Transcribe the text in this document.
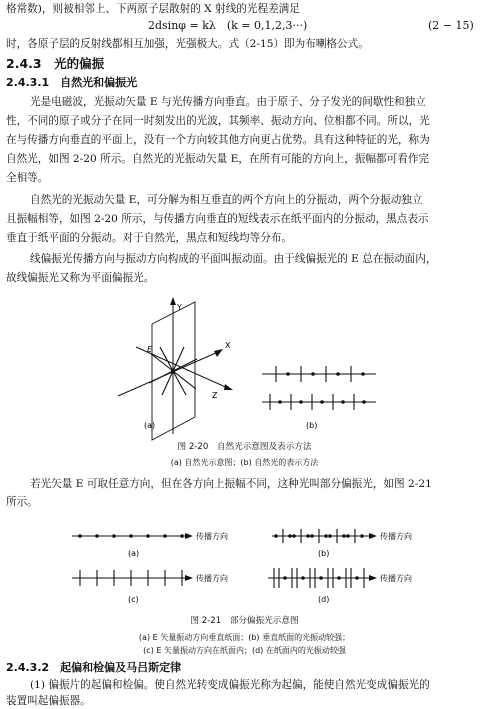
格常数)，则被相邻上、下两原子层散射的 X 射线的光程差满足
2dsinφ = kλ　(k = 0,1,2,3···)	(2 − 15)
时，各原子层的反射线都相互加强，光强极大。式（2-15）即为布喇格公式。
2.4.3　光的偏振
2.4.3.1　自然光和偏振光
光是电磁波，光振动矢量 E 与光传播方向垂直。由于原子、分子发光的间歇性和独立
性，不同的原子或分子在同一时刻发出的光波，其频率、振动方向、位相都不同。所以，光
在与传播方向垂直的平面上，没有一个方向较其他方向更占优势。具有这种特征的光，称为
自然光，如图 2-20 所示。自然光的光振动矢量 E，在所有可能的方向上，振幅都可看作完
全相等。
自然光的光振动矢量 E，可分解为相互垂直的两个方向上的分振动，两个分振动独立
且振幅相等，如图 2-20 所示，与传播方向垂直的短线表示在纸平面内的分振动，黑点表示
垂直于纸平面的分振动。对于自然光，黑点和短线均等分布。
线偏振光传播方向与振动方向构成的平面叫振动面。由于线偏振光的 E 总在振动面内，
故线偏振光又称为平面偏振光。
Y
X
Z
E
(a)	(b)
图 2-20　自然光示意图及表示方法
(a) 自然光示意图；(b) 自然光的表示方法
若光矢量 E 可取任意方向，但在各方向上振幅不同，这种光叫部分偏振光，如图 2-21
所示。
传播方向
(a)
传播方向
(b)
传播方向
(c)
传播方向
(d)
图 2-21　部分偏振光示意图
(a) E 矢量振动方向垂直纸面；(b) 垂直纸面的光振动较强；
(c) E 矢量振动方向在纸面内；(d) 在纸面内的光振动较强
2.4.3.2　起偏和检偏及马吕斯定律
(1) 偏振片的起偏和检偏。使自然光转变成偏振光称为起偏，能使自然光变成偏振光的
装置叫起偏振器。
